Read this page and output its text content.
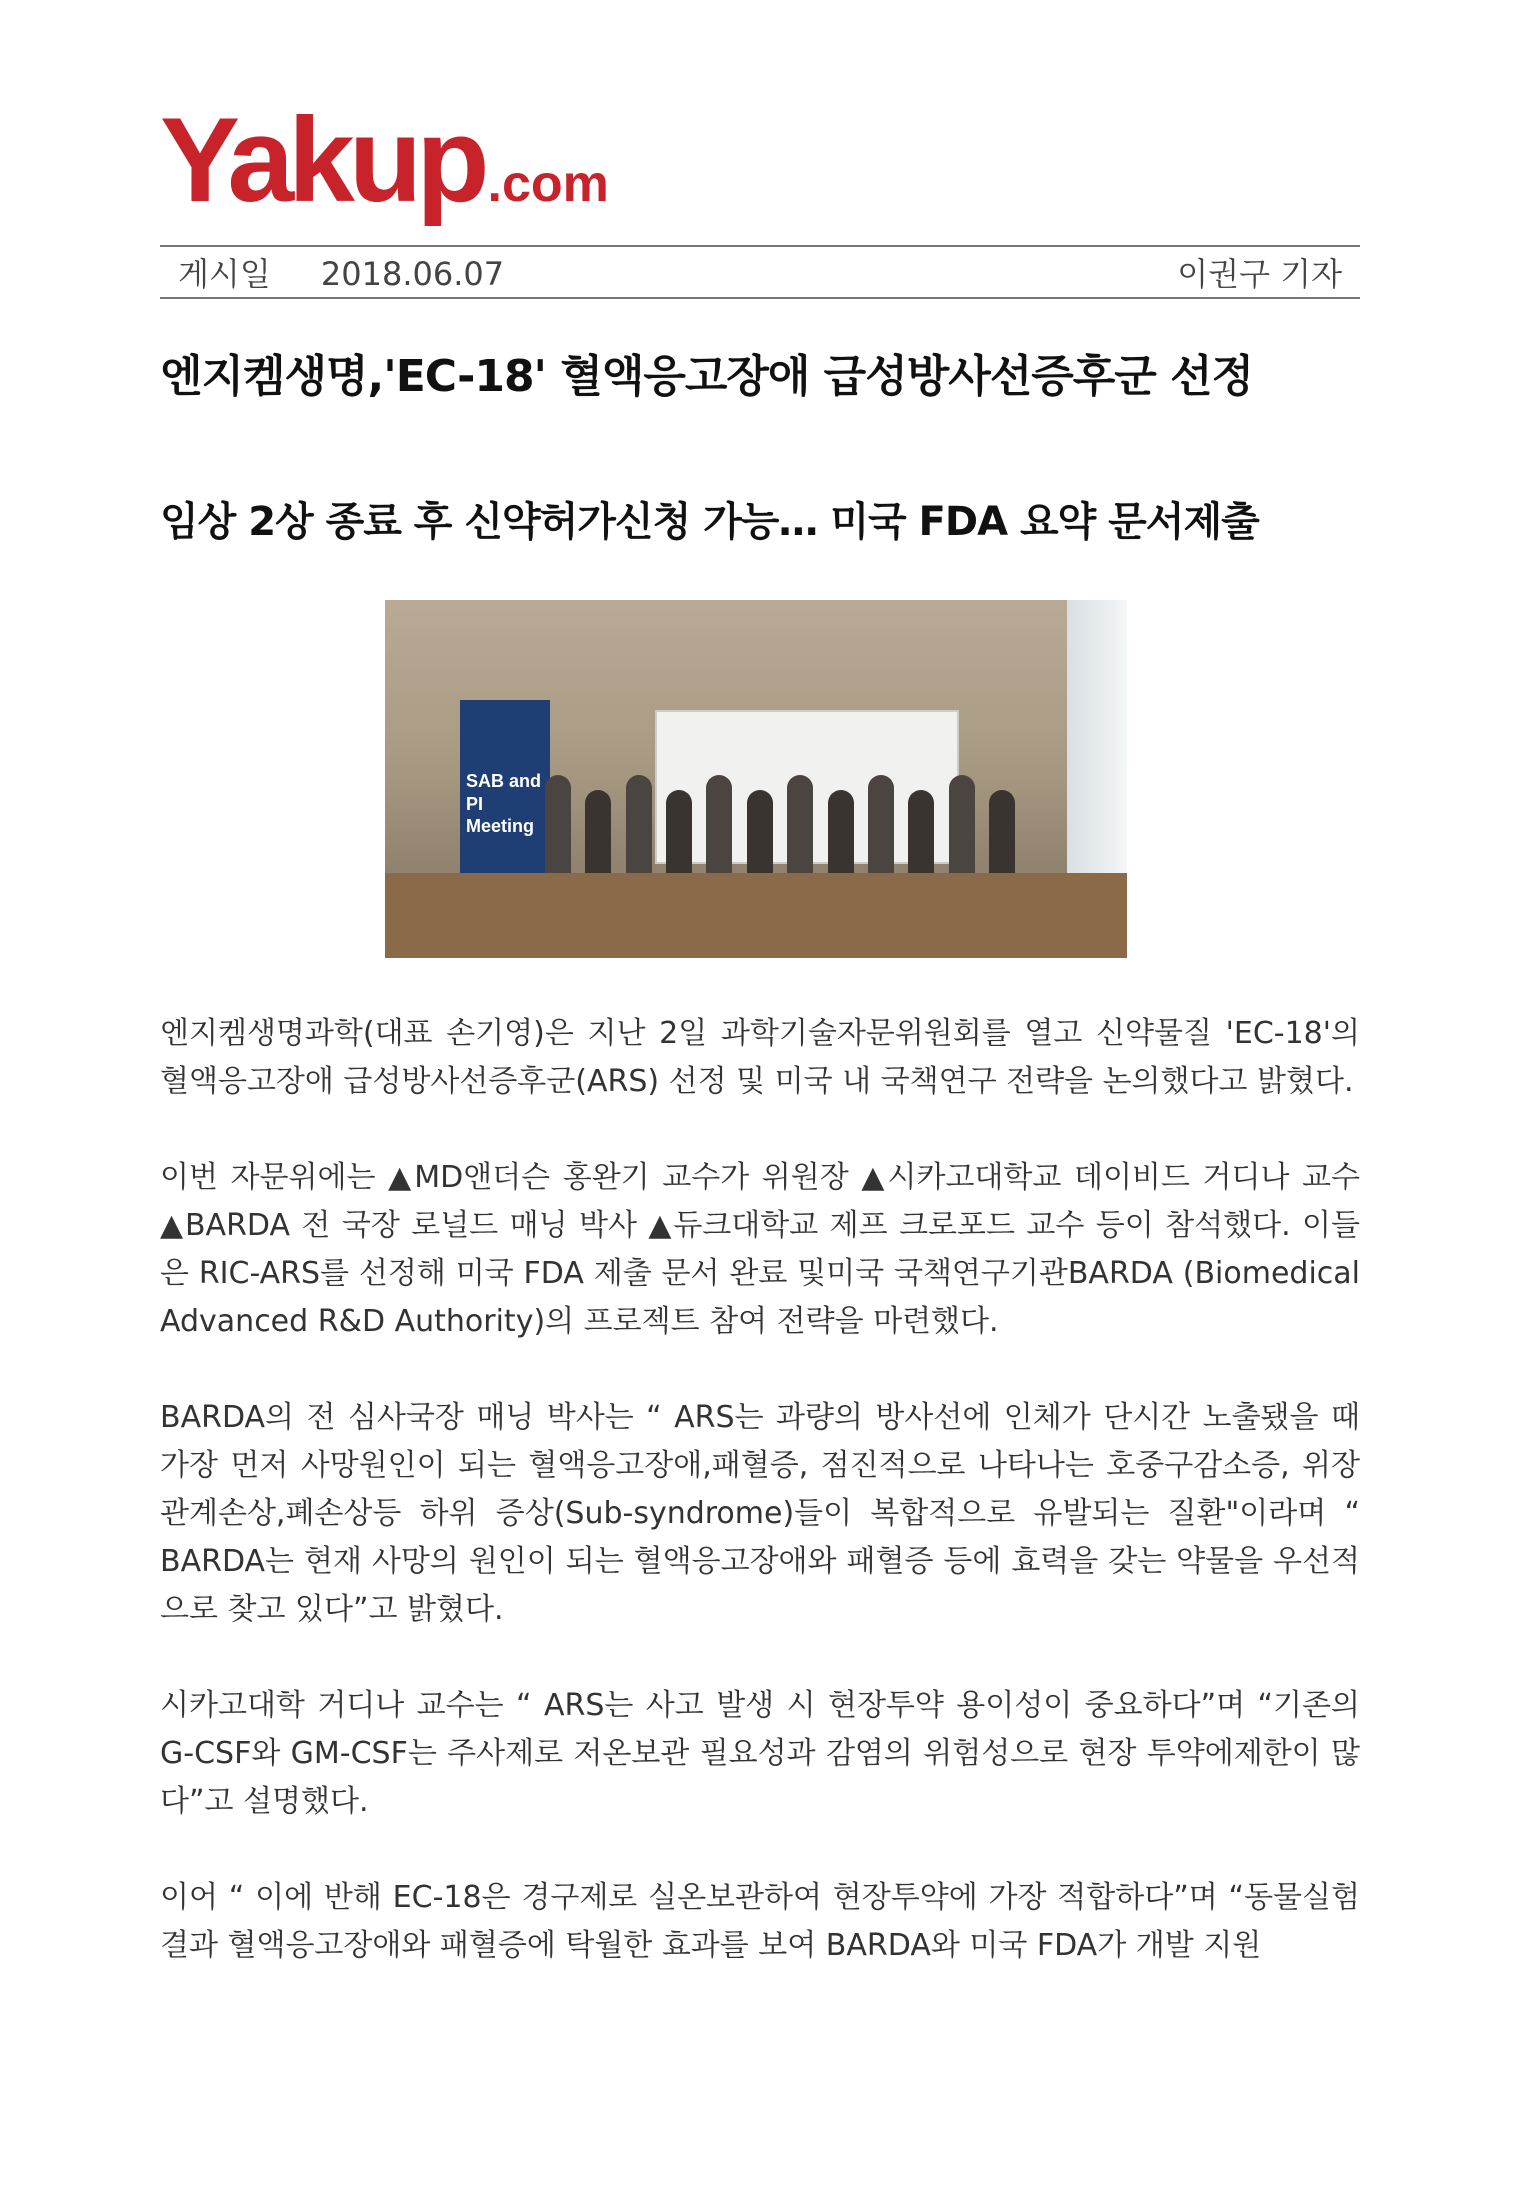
Yakup .com
게시일 2018.06.07	이권구 기자
엔지켐생명,'EC-18' 혈액응고장애 급성방사선증후군 선정
임상 2상 종료 후 신약허가신청 가능… 미국 FDA 요약 문서제출
SAB and PI Meeting

엔지켐생명과학(대표 손기영)은 지난 2일 과학기술자문위원회를 열고 신약물질 'EC-18'의 혈액응고장애 급성방사선증후군(ARS) 선정 및 미국 내 국책연구 전략을 논의했다고 밝혔다.

이번 자문위에는 ▲MD앤더슨 홍완기 교수가 위원장 ▲시카고대학교 데이비드 거디나 교수▲BARDA 전 국장 로널드 매닝 박사 ▲듀크대학교 제프 크로포드 교수 등이 참석했다. 이들은 RIC-ARS를 선정해 미국 FDA 제출 문서 완료 및미국 국책연구기관BARDA (Biomedical Advanced R&D Authority)의 프로젝트 참여 전략을 마련했다.

BARDA의 전 심사국장 매닝 박사는 “ ARS는 과량의 방사선에 인체가 단시간 노출됐을 때 가장 먼저 사망원인이 되는 혈액응고장애,패혈증, 점진적으로 나타나는 호중구감소증, 위장관계손상,폐손상등 하위 증상(Sub-syndrome)들이 복합적으로 유발되는 질환"이라며 “ BARDA는 현재 사망의 원인이 되는 혈액응고장애와 패혈증 등에 효력을 갖는 약물을 우선적으로 찾고 있다”고 밝혔다.

시카고대학 거디나 교수는 “ ARS는 사고 발생 시 현장투약 용이성이 중요하다”며 “기존의 G-CSF와 GM-CSF는 주사제로 저온보관 필요성과 감염의 위험성으로 현장 투약에제한이 많다”고 설명했다.

이어 “ 이에 반해 EC-18은 경구제로 실온보관하여 현장투약에 가장 적합하다”며 “동물실험결과 혈액응고장애와 패혈증에 탁월한 효과를 보여 BARDA와 미국 FDA가 개발 지원
